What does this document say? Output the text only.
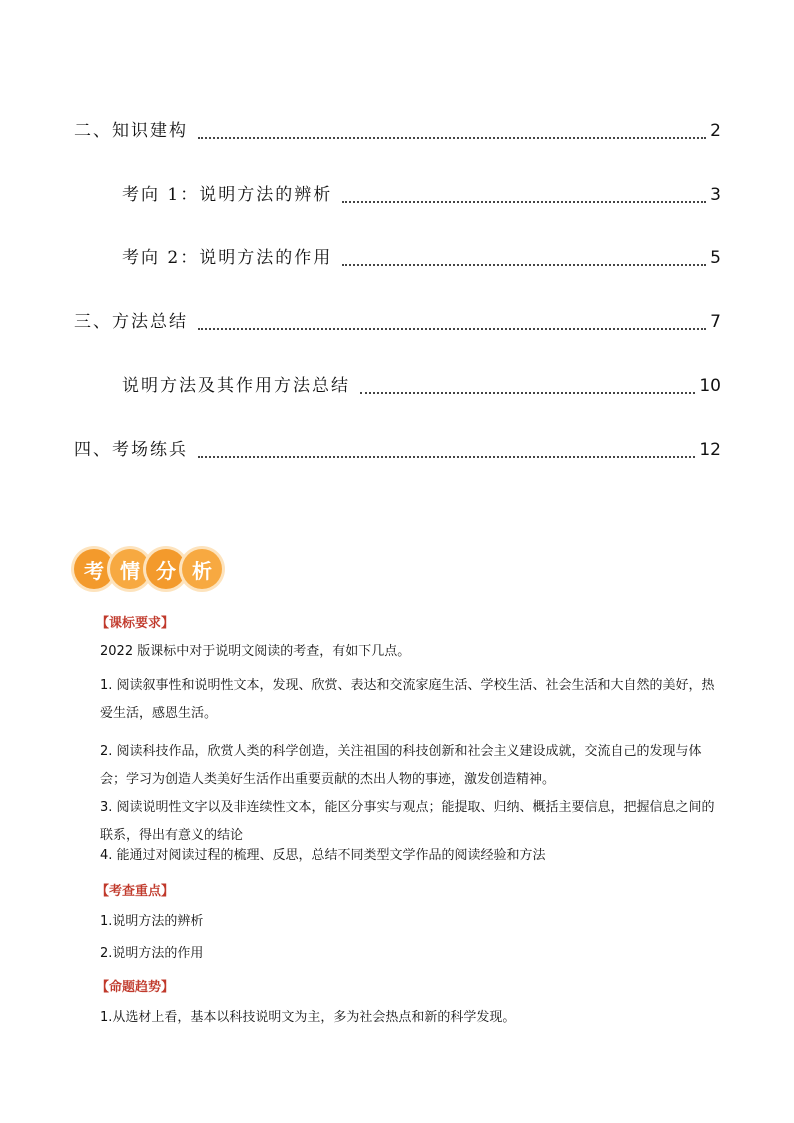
二、知识建构	2
考向 1：说明方法的辨析	3
考向 2：说明方法的作用	5
三、方法总结	7
说明方法及其作用方法总结	10
四、考场练兵	12
考 情 分 析
【课标要求】
2022 版课标中对于说明文阅读的考查，有如下几点。
1. 阅读叙事性和说明性文本，发现、欣赏、表达和交流家庭生活、学校生活、社会生活和大自然的美好，热爱生活，感恩生活。
2. 阅读科技作品，欣赏人类的科学创造，关注祖国的科技创新和社会主义建设成就，交流自己的发现与体会；学习为创造人类美好生活作出重要贡献的杰出人物的事迹，激发创造精神。
3. 阅读说明性文字以及非连续性文本，能区分事实与观点；能提取、归纳、概括主要信息，把握信息之间的联系，得出有意义的结论
4. 能通过对阅读过程的梳理、反思，总结不同类型文学作品的阅读经验和方法
【考查重点】
1.说明方法的辨析
2.说明方法的作用
【命题趋势】
1.从选材上看，基本以科技说明文为主，多为社会热点和新的科学发现。
